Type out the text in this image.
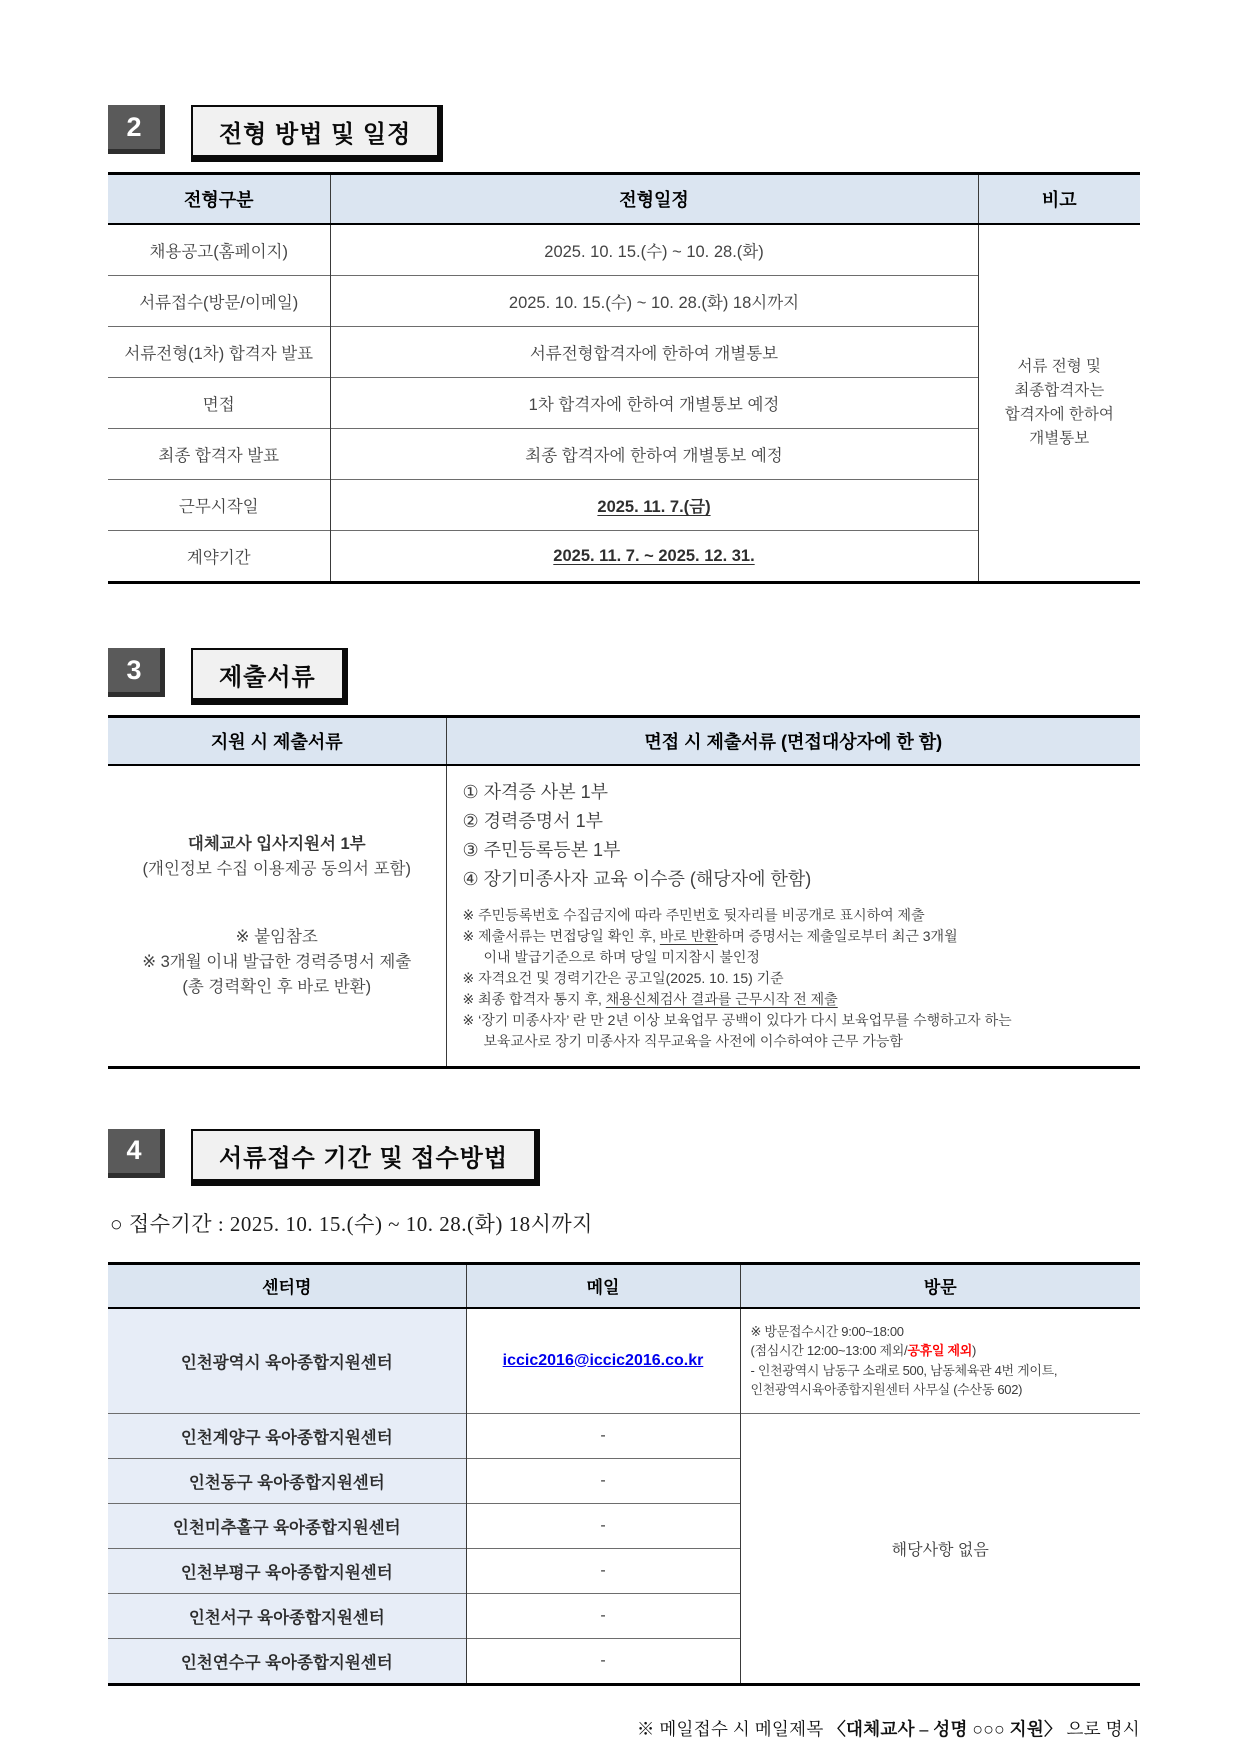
2	전형 방법 및 일정
전형구분	전형일정	비고
채용공고(홈페이지)	2025. 10. 15.(수) ~ 10. 28.(화)	서류 전형 및 최종합격자는 합격자에 한하여 개별통보
서류접수(방문/이메일)	2025. 10. 15.(수) ~ 10. 28.(화) 18시까지	
서류전형(1차) 합격자 발표	서류전형합격자에 한하여 개별통보	
면접	1차 합격자에 한하여 개별통보 예정	
최종 합격자 발표	최종 합격자에 한하여 개별통보 예정	
근무시작일	2025. 11. 7.(금)	
계약기간	2025. 11. 7. ~ 2025. 12. 31.	
3	제출서류
지원 시 제출서류	면접 시 제출서류 (면접대상자에 한 함)

대체교사 입사지원서 1부
(개인정보 수집 이용제공 동의서 포함)
※ 붙임참조
※ 3개월 이내 발급한 경력증명서 제출
(총 경력확인 후 바로 반환)

① 자격증 사본 1부
② 경력증명서 1부
③ 주민등록등본 1부
④ 장기미종사자 교육 이수증 (해당자에 한함)
※ 주민등록번호 수집금지에 따라 주민번호 뒷자리를 비공개로 표시하여 제출
※ 제출서류는 면접당일 확인 후, 바로 반환하며 증명서는 제출일로부터 최근 3개월
이내 발급기준으로 하며 당일 미지참시 불인정
※ 자격요건 및 경력기간은 공고일(2025. 10. 15) 기준
※ 최종 합격자 통지 후, 채용신체검사 결과를 근무시작 전 제출
※ ‘장기 미종사자’ 란 만 2년 이상 보육업무 공백이 있다가 다시 보육업무를 수행하고자 하는
보육교사로 장기 미종사자 직무교육을 사전에 이수하여야 근무 가능함
4	서류접수 기간 및 접수방법
○ 접수기간 : 2025. 10. 15.(수) ~ 10. 28.(화) 18시까지
센터명	메일	방문
인천광역시 육아종합지원센터	iccic2016@iccic2016.co.kr	※ 방문접수시간 9:00~18:00
(점심시간 12:00~13:00 제외/공휴일 제외)
- 인천광역시 남동구 소래로 500, 남동체육관 4번 게이트,
인천광역시육아종합지원센터 사무실 (수산동 602)

인천계양구 육아종합지원센터	-	해당사항 없음
인천동구 육아종합지원센터	-	
인천미추홀구 육아종합지원센터	-	
인천부평구 육아종합지원센터	-	
인천서구 육아종합지원센터	-	
인천연수구 육아종합지원센터	-	
※ 메일접수 시 메일제목 〈대체교사 – 성명 ○○○ 지원〉 으로 명시
